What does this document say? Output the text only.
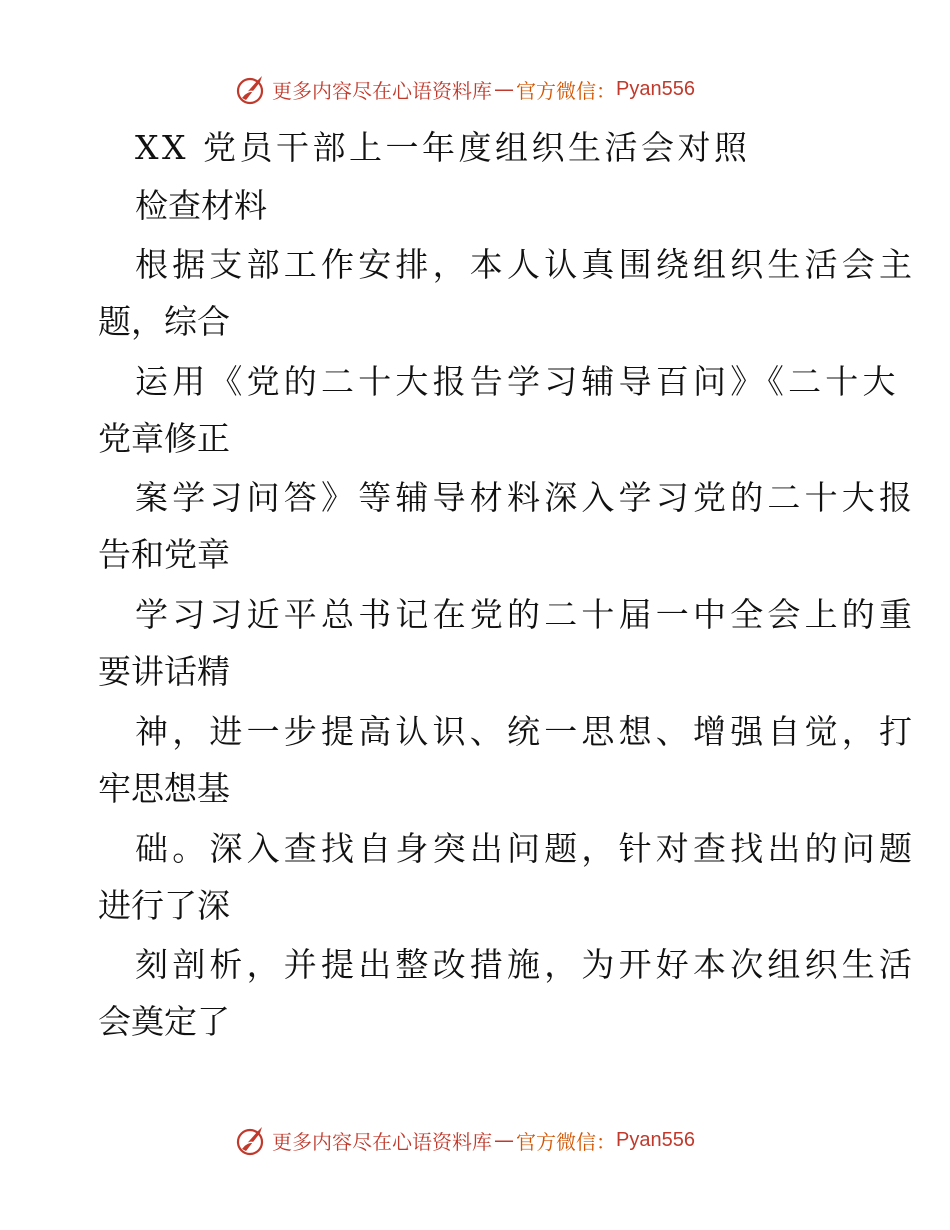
更多内容尽在心语资料库 — 官方微信： Pyan556
XX 党员干部上一年度组织生活会对照
检查材料
根据支部工作安排，本人认真围绕组织生活会主
题，综合
运用《党的二十大报告学习辅导百问》《二十大
党章修正
案学习问答》等辅导材料深入学习党的二十大报
告和党章
学习习近平总书记在党的二十届一中全会上的重
要讲话精
神，进一步提高认识、统一思想、增强自觉，打
牢思想基
础。深入查找自身突出问题，针对查找出的问题
进行了深
刻剖析，并提出整改措施，为开好本次组织生活
会奠定了
更多内容尽在心语资料库 — 官方微信： Pyan556
